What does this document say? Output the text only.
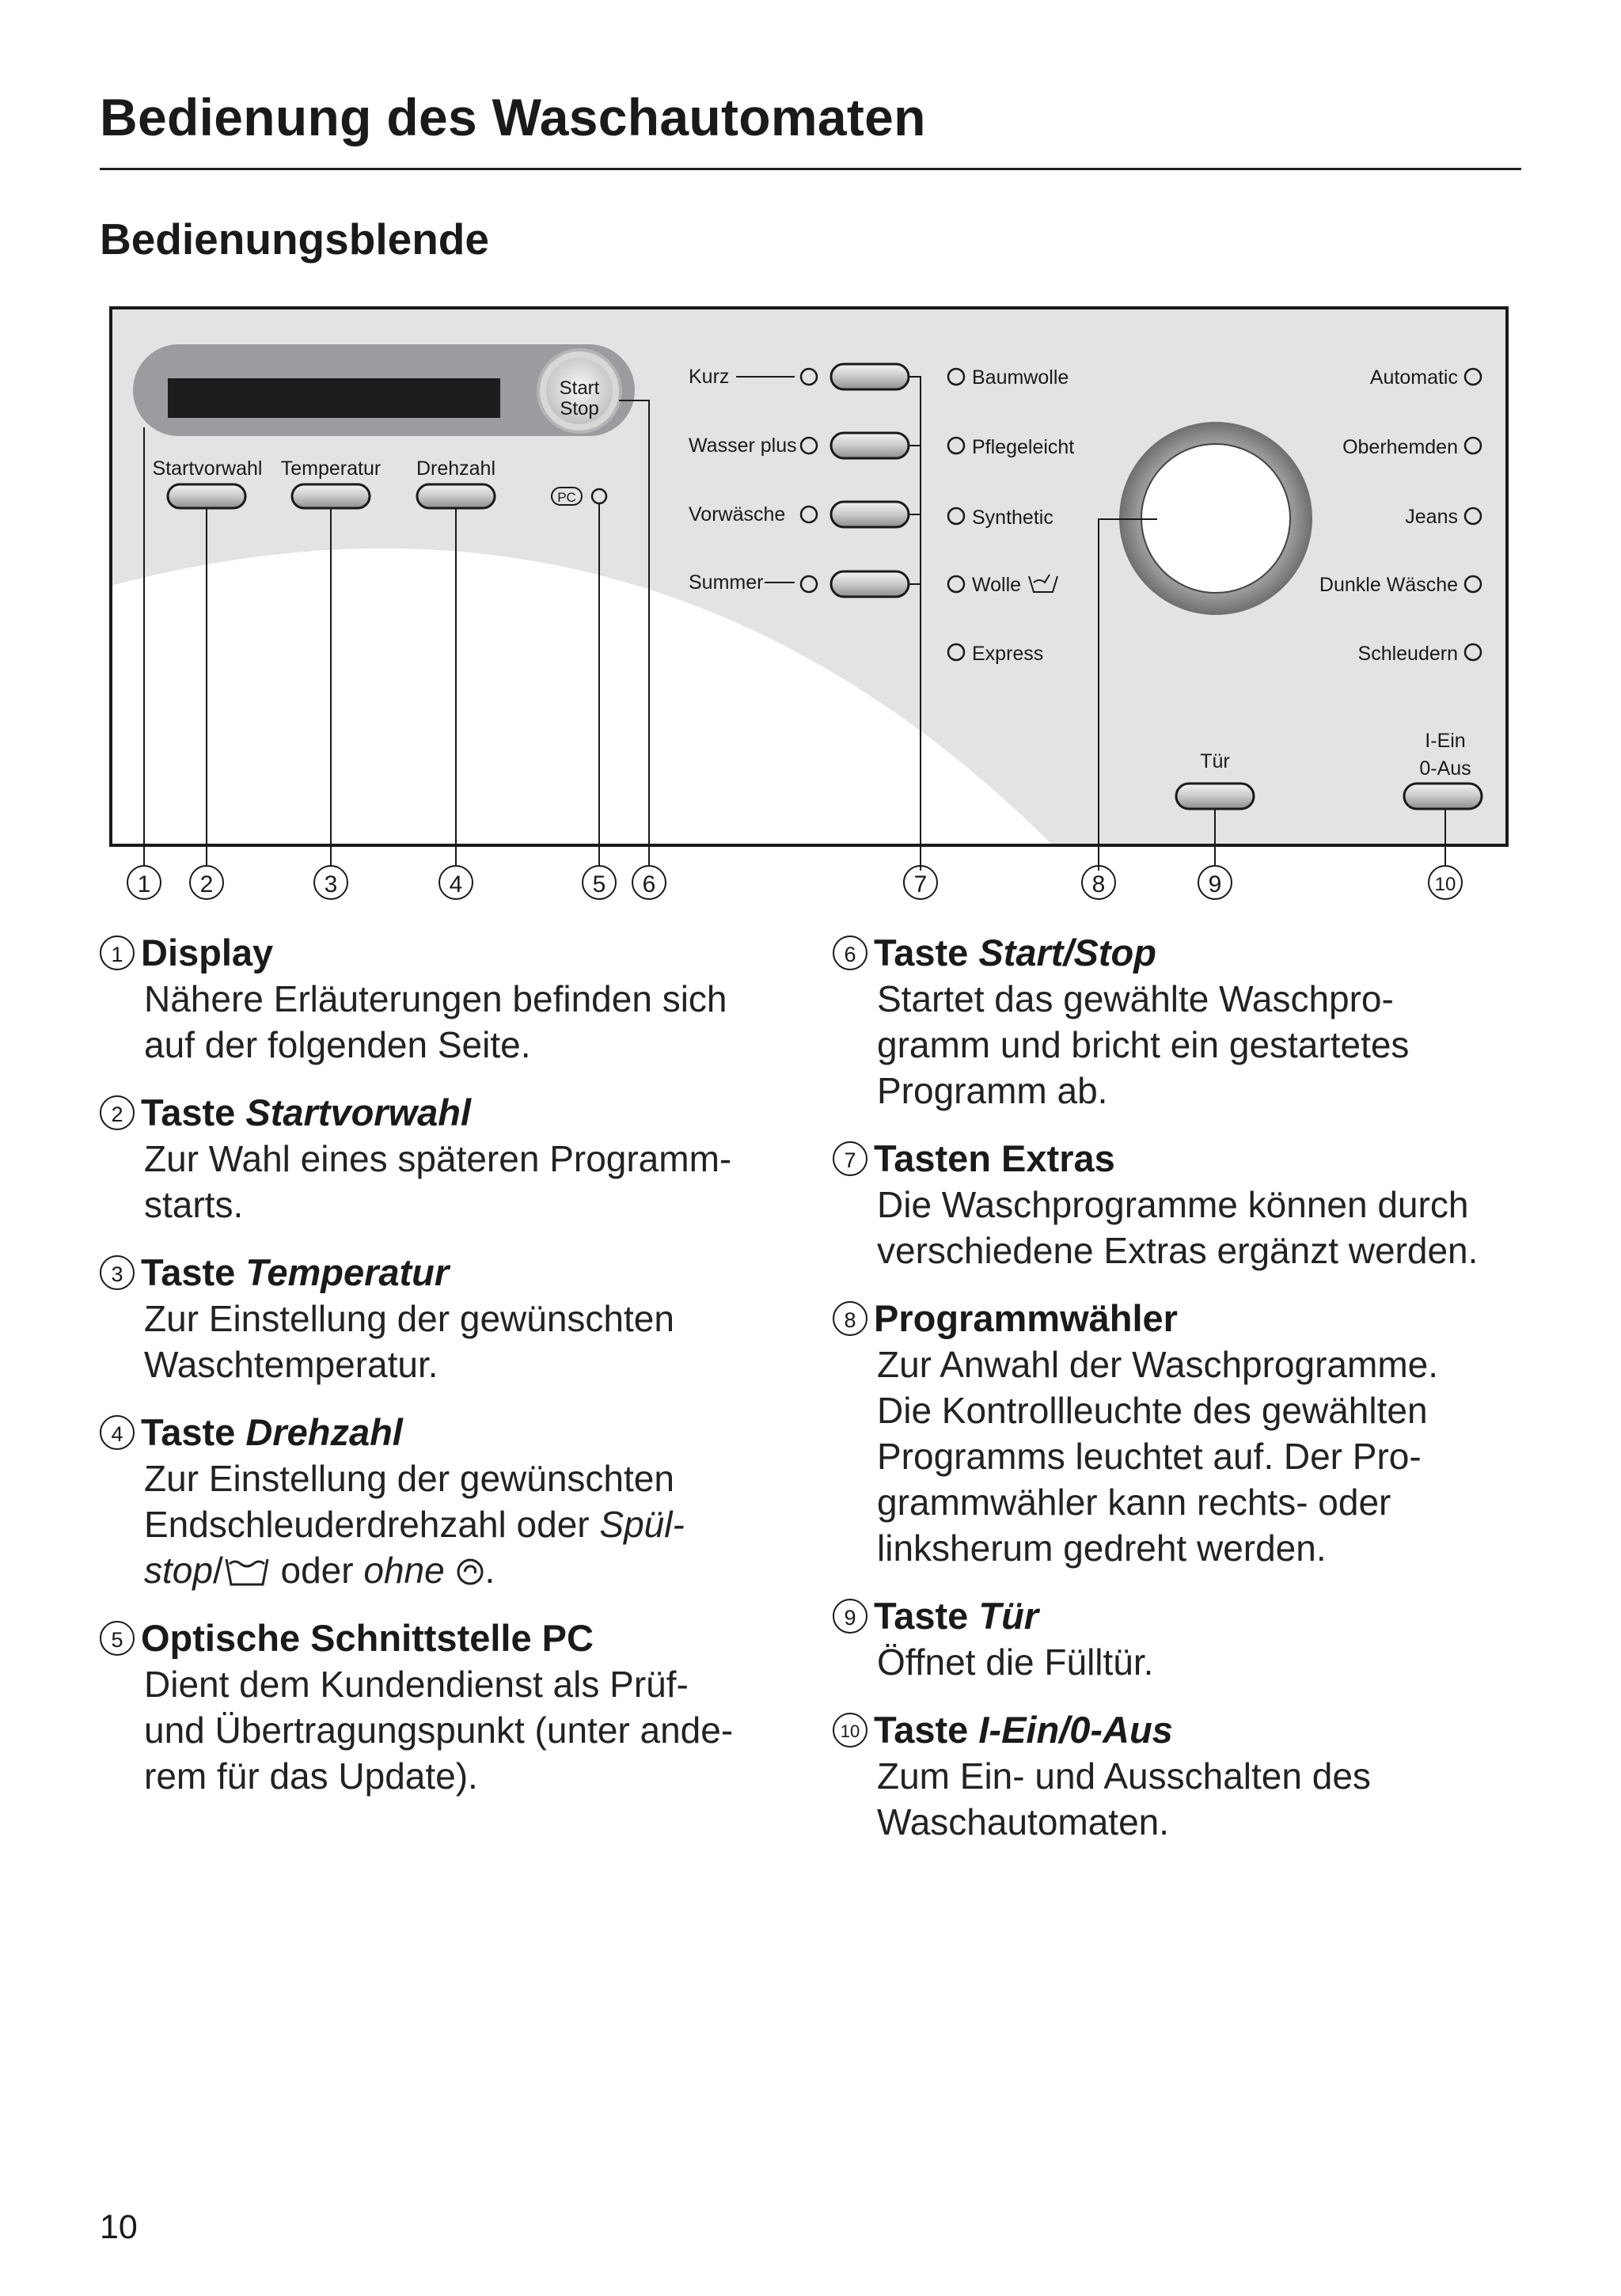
Bedienung des Waschautomaten
Bedienungsblende
Start
Stop
Startvorwahl Temperatur Drehzahl
PC
Kurz
Wasser plus
Vorwäsche
Summer
Baumwolle
Pflegeleicht
Synthetic
Wolle
Express
Automatic
Oberhemden
Jeans
Dunkle Wäsche
Schleudern
Tür
I-Ein
0-Aus
1 2	3	4	5 6	7	8	9	10
1 Display
Nähere Erläuterungen befinden sich
auf der folgenden Seite.
2 Taste
Startvorwahl
Zur Wahl eines späteren Programm-
starts.
3 Taste
Temperatur
Zur Einstellung der gewünschten
Waschtemperatur.
4 Taste
Drehzahl
Zur Einstellung der gewünschten
Endschleuderdrehzahl oder Spül-
stop/ oder ohne .
5 Optische Schnittstelle PC
Dient dem Kundendienst als Prüf-
und Übertragungspunkt (unter ande-
rem für das Update).
6 Taste
Start/Stop
Startet das gewählte Waschpro-
gramm und bricht ein gestartetes
Programm ab.
7 Tasten Extras
Die Waschprogramme können durch
verschiedene Extras ergänzt werden.
8 Programmwähler
Zur Anwahl der Waschprogramme.
Die Kontrollleuchte des gewählten
Programms leuchtet auf. Der Pro-
grammwähler kann rechts- oder
linksherum gedreht werden.
9 Taste
Tür
Öffnet die Fülltür.
10 Taste
I-Ein/0-Aus
Zum Ein- und Ausschalten des
Waschautomaten.
10
